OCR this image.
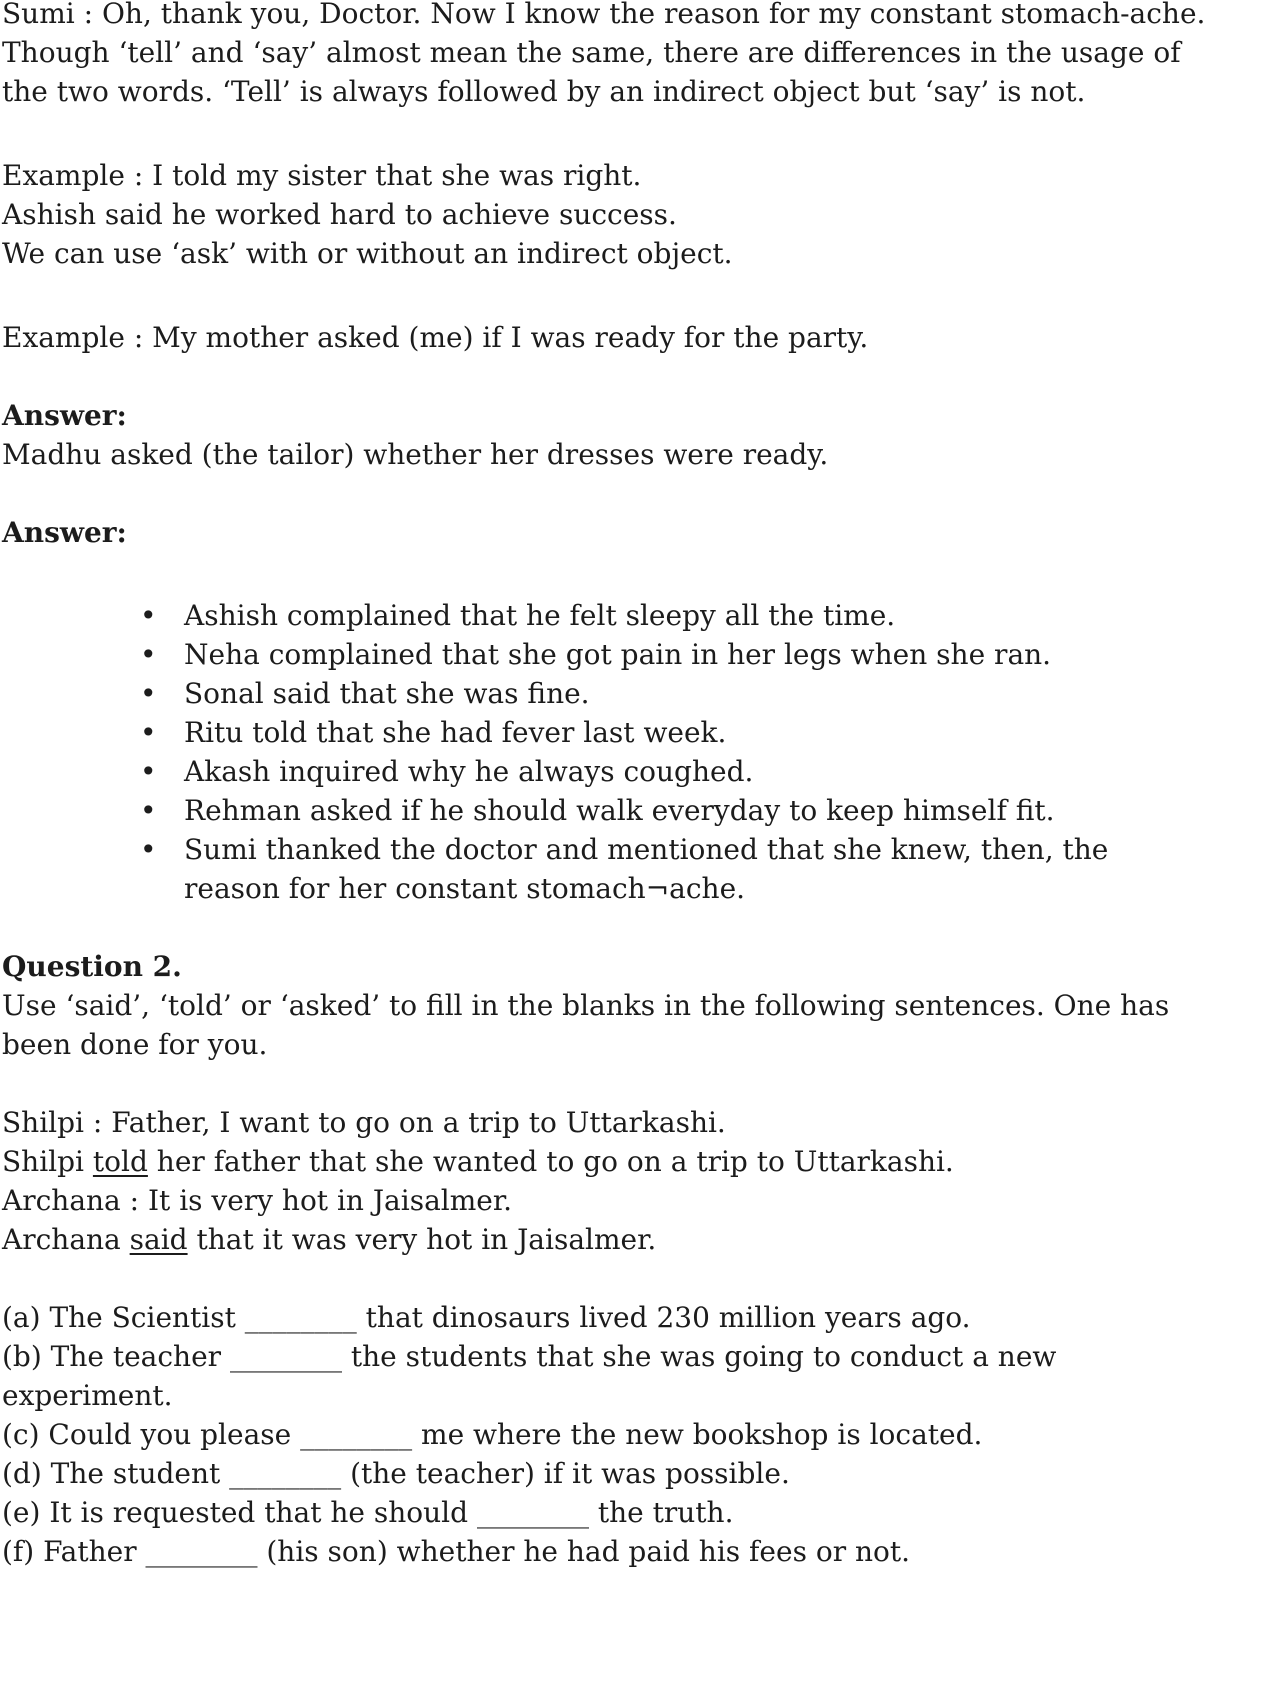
Sumi : Oh, thank you, Doctor. Now I know the reason for my constant stomach-ache.
Though ‘tell’ and ‘say’ almost mean the same, there are differences in the usage of
the two words. ‘Tell’ is always followed by an indirect object but ‘say’ is not.
Example : I told my sister that she was right.
Ashish said he worked hard to achieve success.
We can use ‘ask’ with or without an indirect object.
Example : My mother asked (me) if I was ready for the party.
Answer:
Madhu asked (the tailor) whether her dresses were ready.
Answer:
• Ashish complained that he felt sleepy all the time.
• Neha complained that she got pain in her legs when she ran.
• Sonal said that she was fine.
• Ritu told that she had fever last week.
• Akash inquired why he always coughed.
• Rehman asked if he should walk everyday to keep himself fit.
• Sumi thanked the doctor and mentioned that she knew, then, the
reason for her constant stomach¬ache.
Question 2.
Use ‘said’, ‘told’ or ‘asked’ to fill in the blanks in the following sentences. One has
been done for you.
Shilpi : Father, I want to go on a trip to Uttarkashi.
Shilpi told her father that she wanted to go on a trip to Uttarkashi.
Archana : It is very hot in Jaisalmer.
Archana said that it was very hot in Jaisalmer.
(a) The Scientist ________ that dinosaurs lived 230 million years ago.
(b) The teacher ________ the students that she was going to conduct a new
experiment.
(c) Could you please ________ me where the new bookshop is located.
(d) The student ________ (the teacher) if it was possible.
(e) It is requested that he should ________ the truth.
(f) Father ________ (his son) whether he had paid his fees or not.
